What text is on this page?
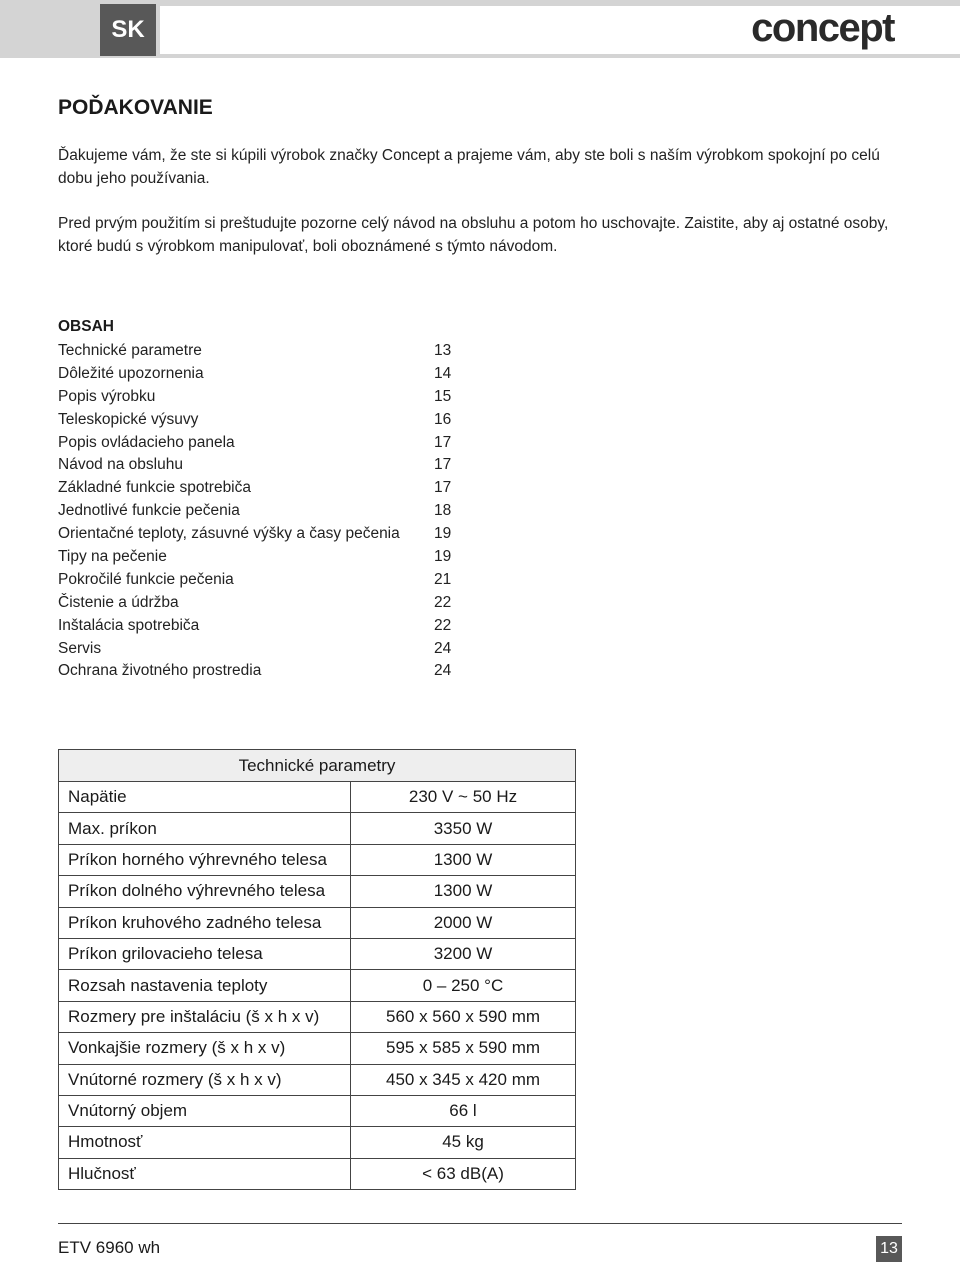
SK	concept
POĎAKOVANIE

Ďakujeme vám, že ste si kúpili výrobok značky Concept a prajeme vám, aby ste boli s naším výrobkom spokojní po celú dobu jeho používania.

Pred prvým použitím si preštudujte pozorne celý návod na obsluhu a potom ho uschovajte. Zaistite, aby aj ostatné osoby, ktoré budú s výrobkom manipulovať, boli oboznámené s týmto návodom.

OBSAH
Technické parametre	13
Dôležité upozornenia	14
Popis výrobku	15
Teleskopické výsuvy	16
Popis ovládacieho panela	17
Návod na obsluhu	17
Základné funkcie spotrebiča	17
Jednotlivé funkcie pečenia	18
Orientačné teploty, zásuvné výšky a časy pečenia 19
Tipy na pečenie	19
Pokročilé funkcie pečenia	21
Čistenie a údržba	22
Inštalácia spotrebiča	22
Servis	24
Ochrana životného prostredia	24
Technické parametry	
Napätie	230 V ~ 50 Hz
Max. príkon	3350 W
Príkon horného výhrevného telesa	1300 W
Príkon dolného výhrevného telesa	1300 W
Príkon kruhového zadného telesa	2000 W
Príkon grilovacieho telesa	3200 W
Rozsah nastavenia teploty	0 – 250 °C
Rozmery pre inštaláciu (š x h x v)	560 x 560 x 590 mm
Vonkajšie rozmery (š x h x v)	595 x 585 x 590 mm
Vnútorné rozmery (š x h x v)	450 x 345 x 420 mm
Vnútorný objem	66 l
Hmotnosť	45 kg
Hlučnosť	< 63 dB(A)
ETV 6960 wh	13
